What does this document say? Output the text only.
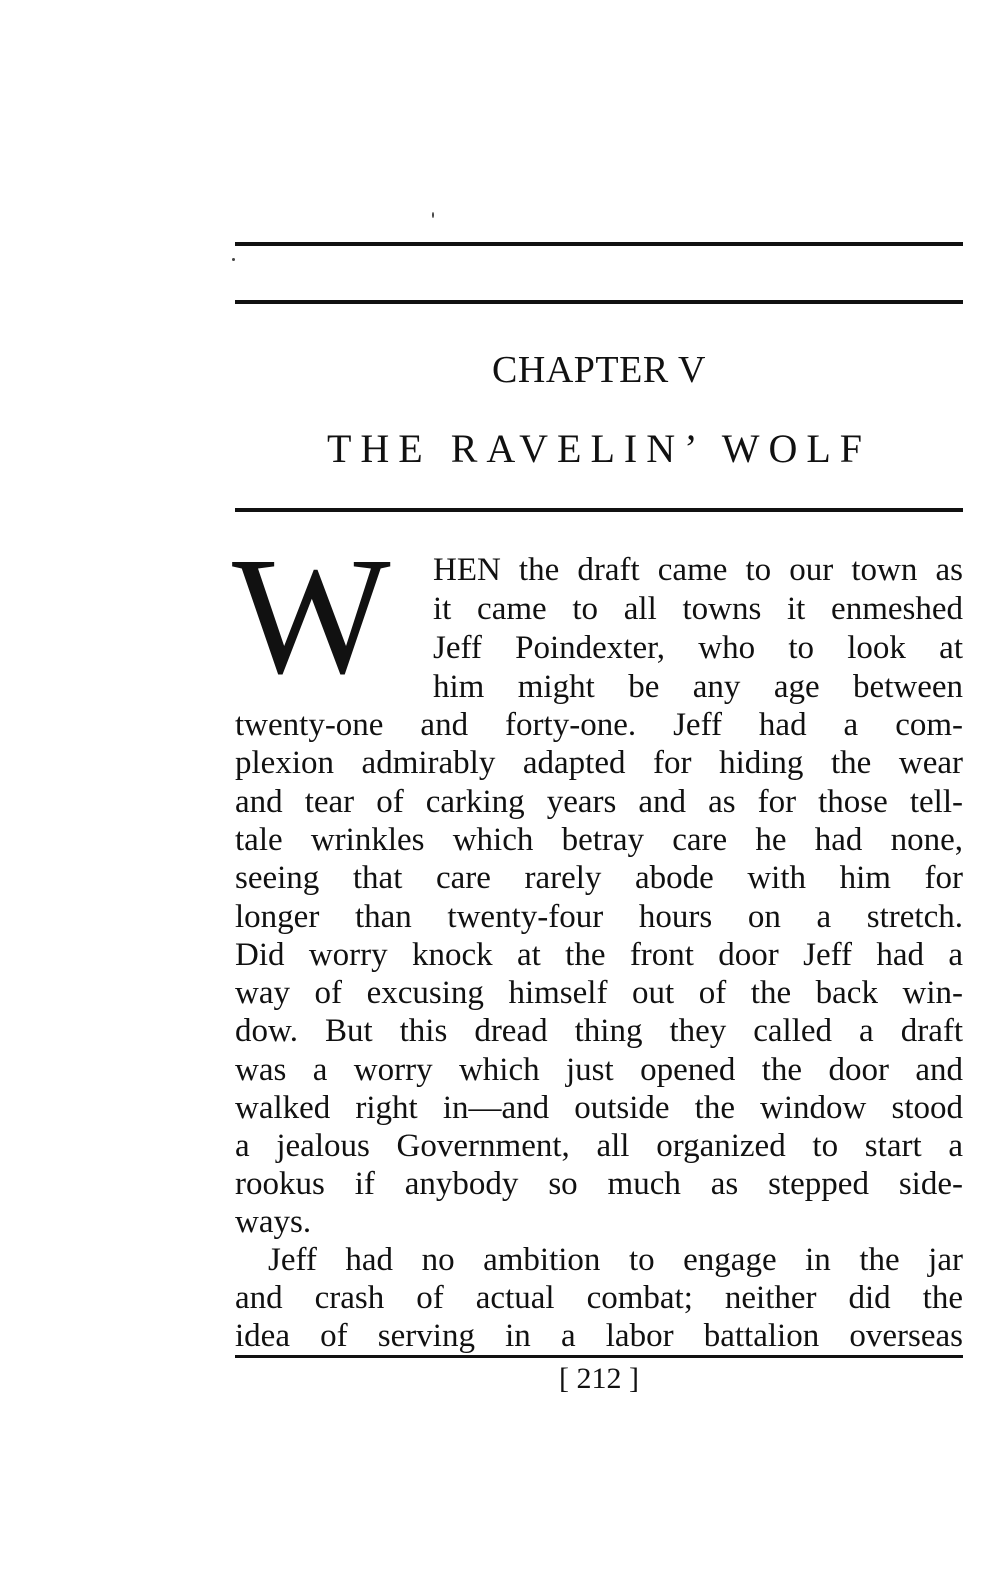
CHAPTER V
THE RAVELIN’ WOLF
W HEN the draft came to our town as
it came to all towns it enmeshed
Jeff Poindexter, who to look at
him might be any age between
twenty-one and forty-one. Jeff had a com-
plexion admirably adapted for hiding the wear
and tear of carking years and as for those tell-
tale wrinkles which betray care he had none,
seeing that care rarely abode with him for
longer than twenty-four hours on a stretch.
Did worry knock at the front door Jeff had a
way of excusing himself out of the back win-
dow. But this dread thing they called a draft
was a worry which just opened the door and
walked right in—and outside the window stood
a jealous Government, all organized to start a
rookus if anybody so much as stepped side-
ways.
Jeff had no ambition to engage in the jar
and crash of actual combat; neither did the
idea of serving in a labor battalion overseas
[ 212 ]
